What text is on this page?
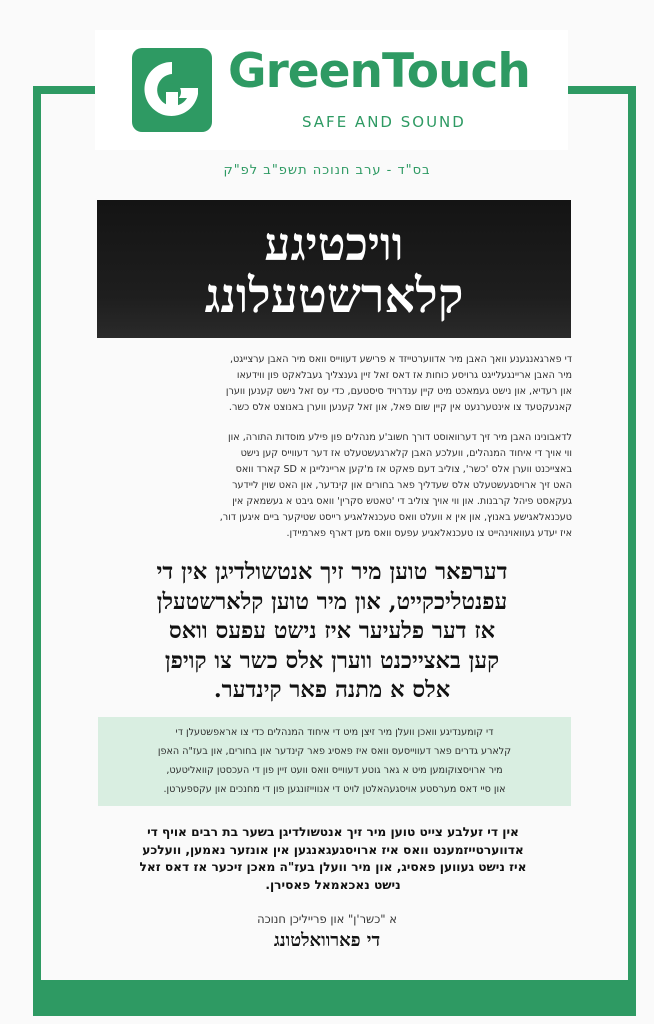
GreenTouch
SAFE AND SOUND
בס"ד - ערב חנוכה תשפ"ב לפ"ק
וויכטיגע
קלארשטעלונג
די פארגאנגענע וואך האבן מיר אדווערטייזד א פרישע דעווייס וואס מיר האבן ערצייגט,
מיר האבן אריינגעלייגט גרויסע כוחות אז דאס זאל זיין גענצליך געבלאקט פון ווידעאו
און רעדיא, און נישט געמאכט מיט קיין ענדרויד סיסטעם, כדי עס זאל נישט קענען ווערן
קאנעקטעד צו אינטערנעט אין קיין שום פאל, און זאל קענען ווערן באנוצט אלס כשר.
לדאבונינו האבן מיר זיך דערוואוסט דורך חשוב'ע מנהלים פון פילע מוסדות התורה, און
ווי אויך די איחוד המנהלים, וועלכע האבן קלארגעשטעלט אז דער דעווייס קען נישט
באצייכנט ווערן אלס 'כשר', צוליב דעם פאקט אז מ'קען אריינלייגן א SD קארד וואס
האט זיך ארויסגעשטעלט אלס שעדליך פאר בחורים און קינדער, און האט שוין ליידער
געקאסט פיהל קרבנות. און ווי אויך צוליב די 'טאטש סקרין' וואס גיבט א געשמאק אין
טעכנאלאגישע באנוץ, און אין א וועלט וואס טעכנאלאגיע רייסט שטיקער ביים איגען דור,
איז יעדע געוואוינהייט צו טעכנאלאגיע עפעס וואס מען דארף פארמיידן.
דערפאר טוען מיר זיך אנטשולדיגן אין די
עפנטליכקייט, און מיר טוען קלארשטעלן
אז דער פלעיער איז נישט עפעס וואס
קען באצייכנט ווערן אלס כשר צו קויפן
אלס א מתנה פאר קינדער.
די קומענדיגע וואכן וועלן מיר זיצן מיט די איחוד המנהלים כדי צו אראפשטעלן די
קלארע גדרים פאר דעווייסעס וואס איז פאסיג פאר קינדער און בחורים, און בעז"ה האפן
מיר ארויסצוקומען מיט א גאר גוטע דעווייס וואס וועט זיין פון די העכסטן קוואליטעט,
און סיי דאס מערסטע אויסגעהאלטן לויט די אנווייזונגען פון די מחנכים און עקספערטן.
אין די זעלבע צייט טוען מיר זיך אנטשולדיגן בשער בת רבים אויף די
אדווערטייזמענט וואס איז ארויסגעגאנגען אין אונזער נאמען, וועלכע
איז נישט געווען פאסיג, און מיר וועלן בעז"ה מאכן זיכער אז דאס זאל
נישט נאכאמאל פאסירן.
א "כשר'ן" און פרייליכן חנוכה
די פארוואלטונג
